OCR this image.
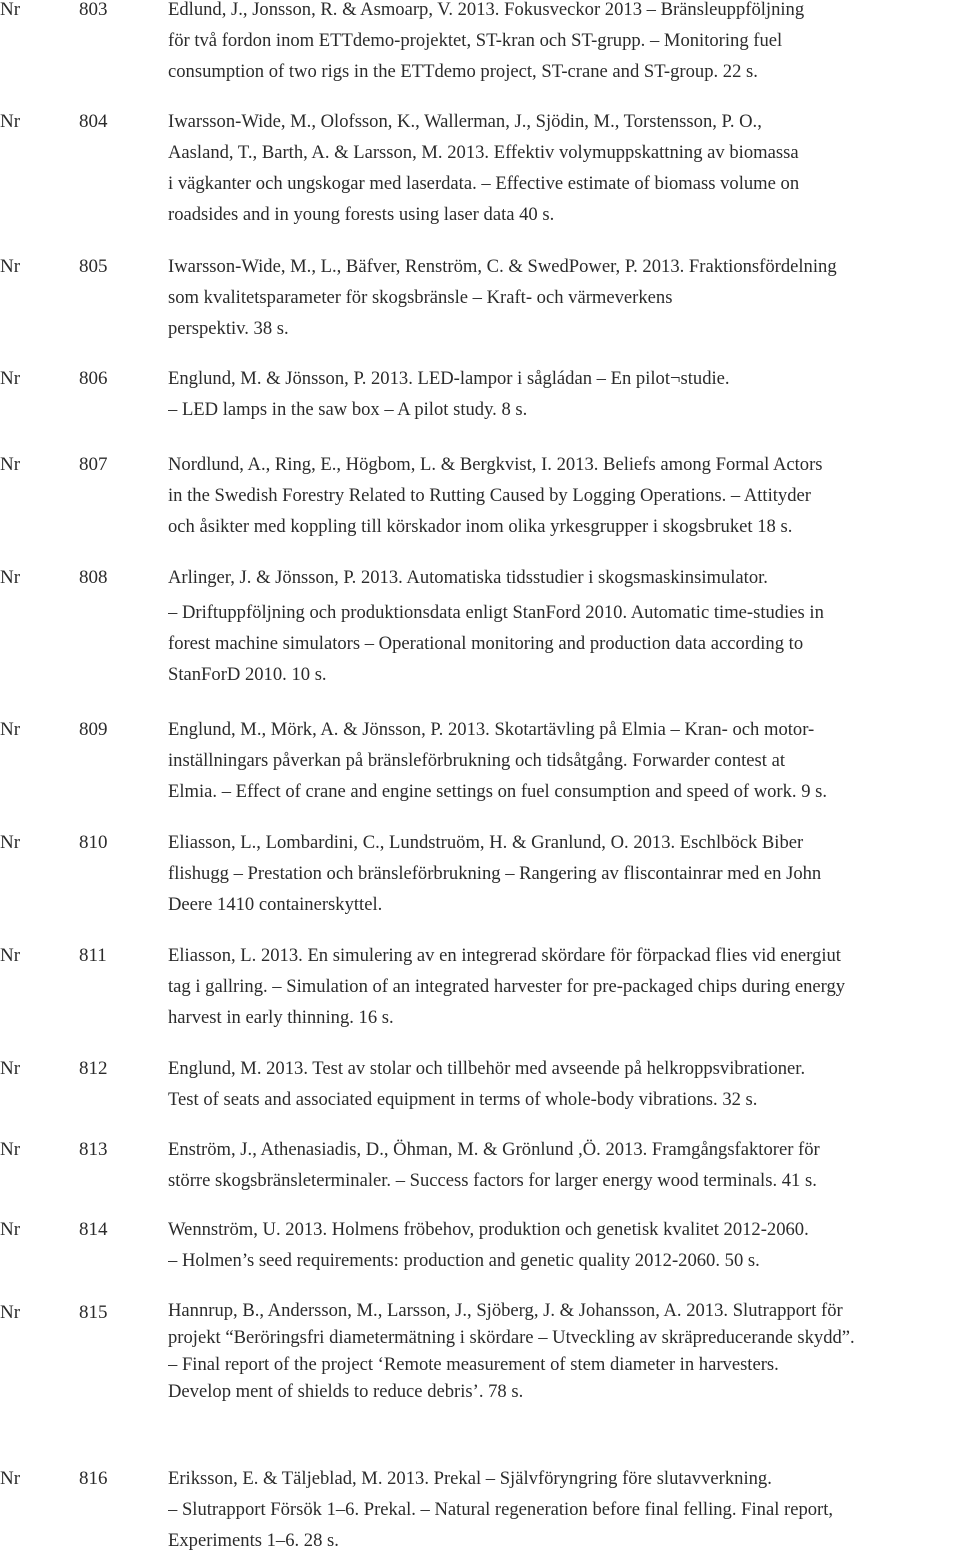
Nr	803	Edlund, J., Jonsson, R. & Asmoarp, V. 2013. Fokusveckor 2013 – Bränsleuppföljning
för två fordon inom ETTdemo-projektet, ST-kran och ST-grupp. – Monitoring fuel
consumption of two rigs in the ETTdemo project, ST-crane and ST-group. 22 s.
Nr	804	Iwarsson-Wide, M., Olofsson, K., Wallerman, J., Sjödin, M., Torstensson, P. O.,
Aasland, T., Barth, A. & Larsson, M. 2013. Effektiv volymuppskattning av biomassa
i vägkanter och ungskogar med laserdata. – Effective estimate of biomass volume on
roadsides and in young forests using laser data 40 s.
Nr	805	Iwarsson-Wide, M., L., Bäfver, Renström, C. & SwedPower, P. 2013. Fraktionsfördelning
som kvalitetsparameter för skogsbränsle – Kraft- och värmeverkens
perspektiv. 38 s.
Nr	806	Englund, M. & Jönsson, P. 2013. LED-lampor i sågládan – En pilot¬studie.
– LED lamps in the saw box – A pilot study. 8 s.
Nr	807	Nordlund, A., Ring, E., Högbom, L. & Bergkvist, I. 2013. Beliefs among Formal Actors
in the Swedish Forestry Related to Rutting Caused by Logging Operations. – Attityder
och åsikter med koppling till körskador inom olika yrkesgrupper i skogsbruket 18 s.
Nr	808	Arlinger, J. & Jönsson, P. 2013. Automatiska tidsstudier i skogsmaskinsimulator.
– Driftuppföljning och produktionsdata enligt StanFord 2010. Automatic time-studies in
forest machine simulators – Operational monitoring and production data according to
StanForD 2010. 10 s.
Nr	809	Englund, M., Mörk, A. & Jönsson, P. 2013. Skotartävling på Elmia – Kran- och motor-
inställningars påverkan på bränsleförbrukning och tidsåtgång. Forwarder contest at
Elmia. – Effect of crane and engine settings on fuel consumption and speed of work. 9 s.
Nr	810	Eliasson, L., Lombardini, C., Lundstruöm, H. & Granlund, O. 2013. Eschlböck Biber
flishugg – Prestation och bränsleförbrukning – Rangering av fliscontainrar med en John
Deere 1410 containerskyttel.
Nr	811	Eliasson, L. 2013. En simulering av en integrerad skördare för förpackad flies vid energiut
tag i gallring. – Simulation of an integrated harvester for pre-packaged chips during energy
harvest in early thinning. 16 s.
Nr	812	Englund, M. 2013. Test av stolar och tillbehör med avseende på helkroppsvibrationer.
Test of seats and associated equipment in terms of whole-body vibrations. 32 s.
Nr	813	Enström, J., Athenasiadis, D., Öhman, M. & Grönlund ,Ö. 2013. Framgångsfaktorer för
större skogsbränsleterminaler. – Success factors for larger energy wood terminals. 41 s.
Nr	814	Wennström, U. 2013. Holmens fröbehov, produktion och genetisk kvalitet 2012-2060.
– Holmen’s seed requirements: production and genetic quality 2012-2060. 50 s.
Nr	815	Hannrup, B., Andersson, M., Larsson, J., Sjöberg, J. & Johansson, A. 2013. Slutrapport för
projekt “Beröringsfri diametermätning i skördare – Utveckling av skräpreducerande skydd”.
– Final report of the project ‘Remote measurement of stem diameter in harvesters.
Develop ment of shields to reduce debris’. 78 s.
Nr	816	Eriksson, E. & Täljeblad, M. 2013. Prekal – Självföryngring före slutavverkning.
– Slutrapport Försök 1–6. Prekal. – Natural regeneration before final felling. Final report,
Experiments 1–6. 28 s.
